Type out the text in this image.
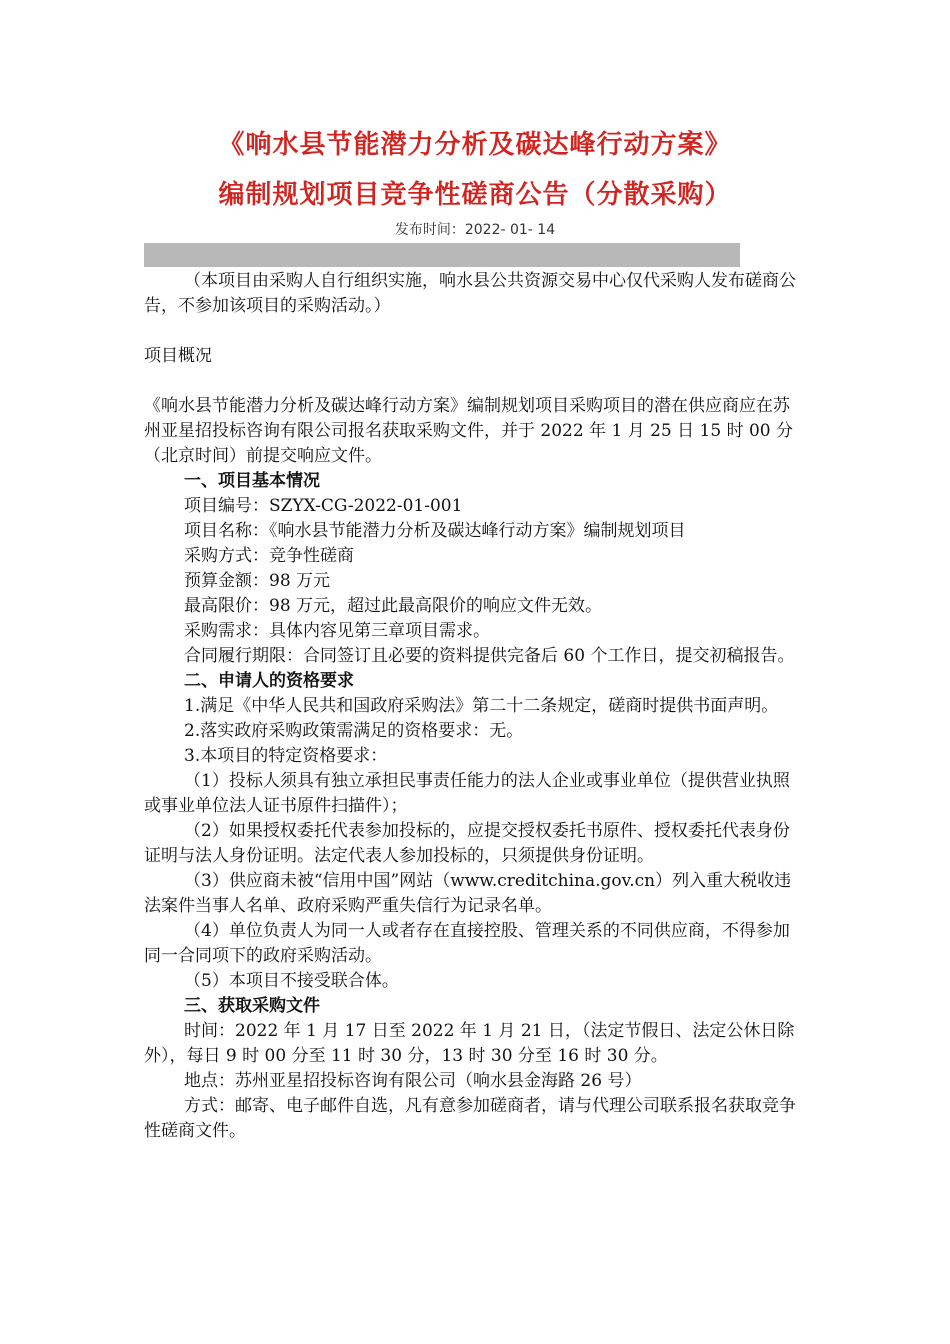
《响水县节能潜力分析及碳达峰行动方案》
编制规划项目竞争性磋商公告（分散采购）
发布时间：2022- 01- 14

（本项目由采购人自行组织实施，响水县公共资源交易中心仅代采购人发布磋商公告，不参加该项目的采购活动。）

项目概况

《响水县节能潜力分析及碳达峰行动方案》编制规划项目采购项目的潜在供应商应在苏州亚星招投标咨询有限公司报名获取采购文件，并于 2022 年 1 月 25 日 15 时 00 分（北京时间）前提交响应文件。

一、项目基本情况

项目编号：SZYX-CG-2022-01-001

项目名称：《响水县节能潜力分析及碳达峰行动方案》编制规划项目

采购方式：竞争性磋商

预算金额：98 万元

最高限价：98 万元，超过此最高限价的响应文件无效。

采购需求：具体内容见第三章项目需求。

合同履行期限：合同签订且必要的资料提供完备后 60 个工作日，提交初稿报告。

二、申请人的资格要求

1.满足《中华人民共和国政府采购法》第二十二条规定，磋商时提供书面声明。

2.落实政府采购政策需满足的资格要求：无。

3.本项目的特定资格要求：

（1）投标人须具有独立承担民事责任能力的法人企业或事业单位（提供营业执照或事业单位法人证书原件扫描件）；

（2）如果授权委托代表参加投标的，应提交授权委托书原件、授权委托代表身份证明与法人身份证明。法定代表人参加投标的，只须提供身份证明。

（3）供应商未被“信用中国”网站（www.creditchina.gov.cn）列入重大税收违法案件当事人名单、政府采购严重失信行为记录名单。

（4）单位负责人为同一人或者存在直接控股、管理关系的不同供应商，不得参加同一合同项下的政府采购活动。

（5）本项目不接受联合体。

三、获取采购文件

时间：2022 年 1 月 17 日至 2022 年 1 月 21 日，（法定节假日、法定公休日除外），每日 9 时 00 分至 11 时 30 分，13 时 30 分至 16 时 30 分。

地点：苏州亚星招投标咨询有限公司（响水县金海路 26 号）

方式：邮寄、电子邮件自选，凡有意参加磋商者，请与代理公司联系报名获取竞争性磋商文件。
